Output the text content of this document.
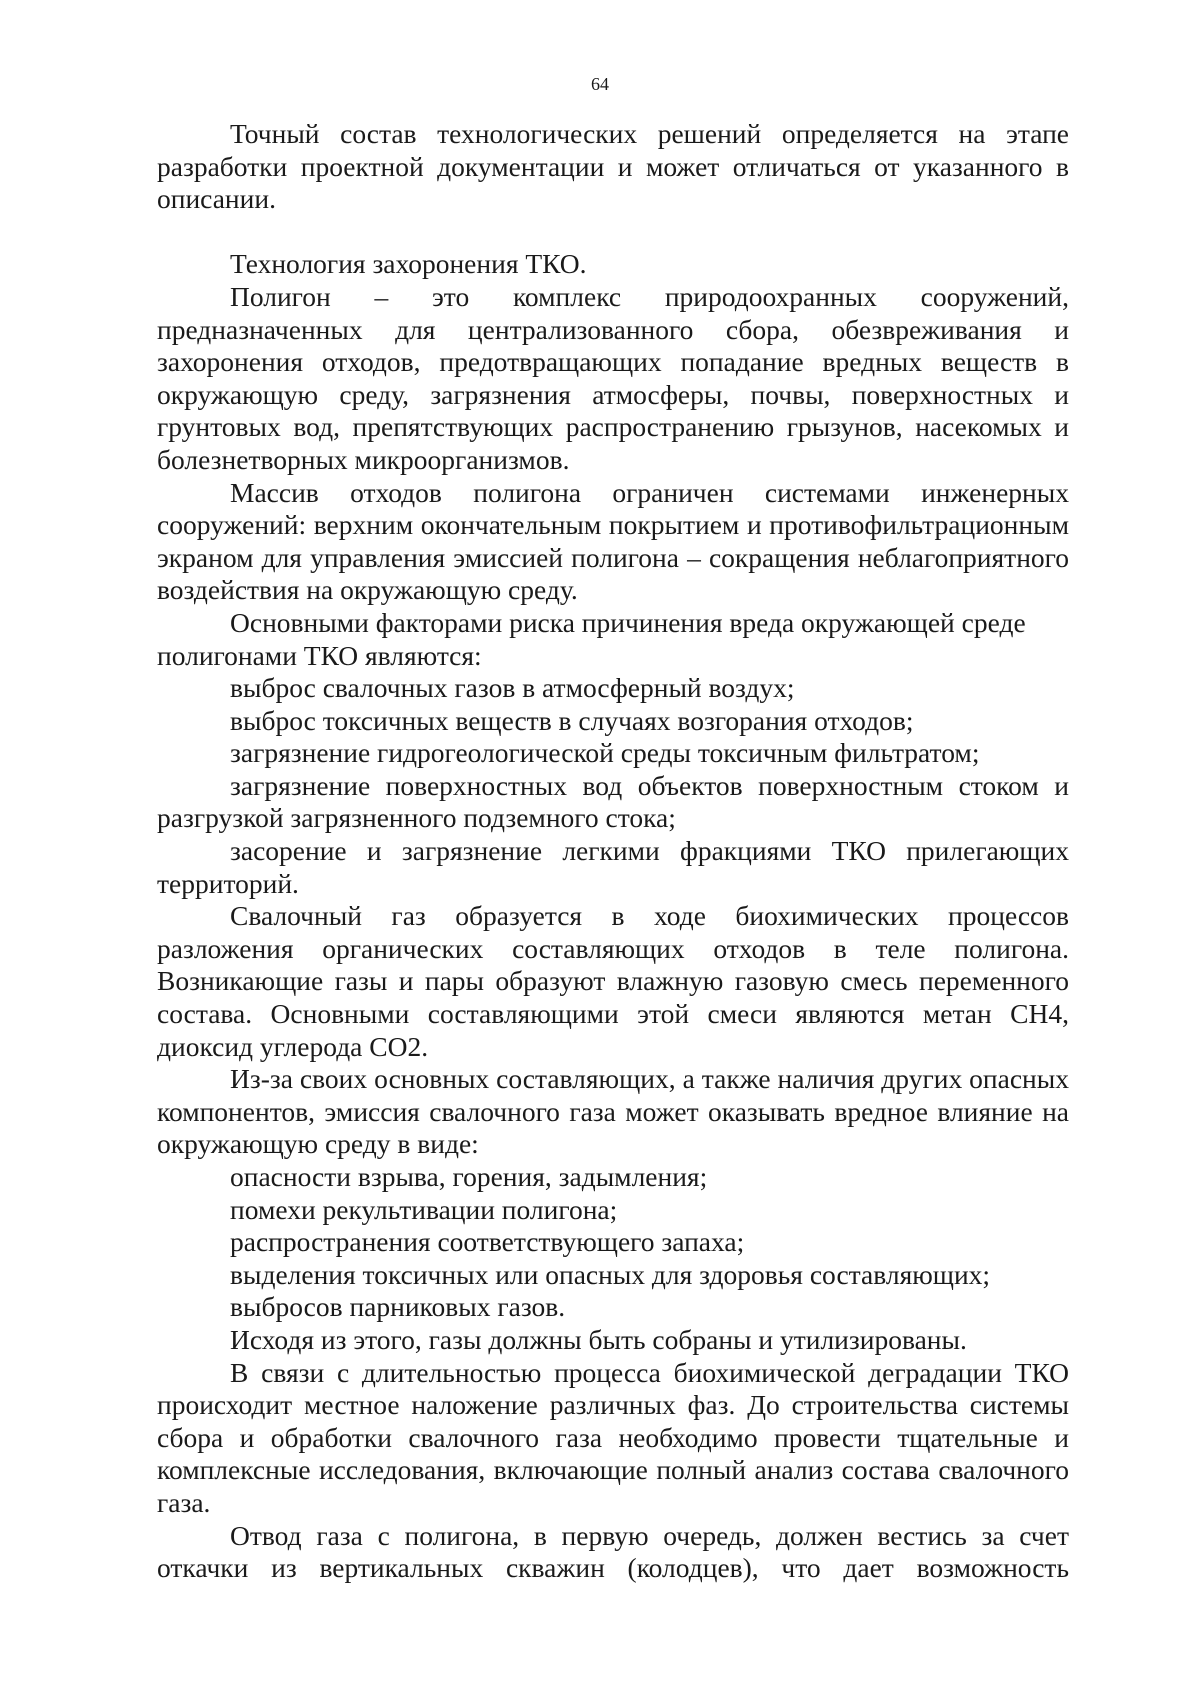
64

Точный состав технологических решений определяется на этапе разработки проектной документации и может отличаться от указанного в описании.

Технология захоронения ТКО.

Полигон – это комплекс природоохранных сооружений, предназначенных для централизованного сбора, обезвреживания и захоронения отходов, предотвращающих попадание вредных веществ в окружающую среду, загрязнения атмосферы, почвы, поверхностных и грунтовых вод, препятствующих распространению грызунов, насекомых и болезнетворных микроорганизмов.

Массив отходов полигона ограничен системами инженерных сооружений: верхним окончательным покрытием и противофильтрационным экраном для управления эмиссией полигона – сокращения неблагоприятного воздействия на окружающую среду.

Основными факторами риска причинения вреда окружающей среде полигонами ТКО являются:

выброс свалочных газов в атмосферный воздух;

выброс токсичных веществ в случаях возгорания отходов;

загрязнение гидрогеологической среды токсичным фильтратом;

загрязнение поверхностных вод объектов поверхностным стоком и разгрузкой загрязненного подземного стока;

засорение и загрязнение легкими фракциями ТКО прилегающих территорий.

Свалочный газ образуется в ходе биохимических процессов разложения органических составляющих отходов в теле полигона. Возникающие газы и пары образуют влажную газовую смесь переменного состава. Основными составляющими этой смеси являются метан СН4, диоксид углерода СО2.

Из-за своих основных составляющих, а также наличия других опасных компонентов, эмиссия свалочного газа может оказывать вредное влияние на окружающую среду в виде:

опасности взрыва, горения, задымления;

помехи рекультивации полигона;

распространения соответствующего запаха;

выделения токсичных или опасных для здоровья составляющих;

выбросов парниковых газов.

Исходя из этого, газы должны быть собраны и утилизированы.

В связи с длительностью процесса биохимической деградации ТКО происходит местное наложение различных фаз. До строительства системы сбора и обработки свалочного газа необходимо провести тщательные и комплексные исследования, включающие полный анализ состава свалочного газа.

Отвод газа с полигона, в первую очередь, должен вестись за счет откачки из вертикальных скважин (колодцев), что дает возможность
